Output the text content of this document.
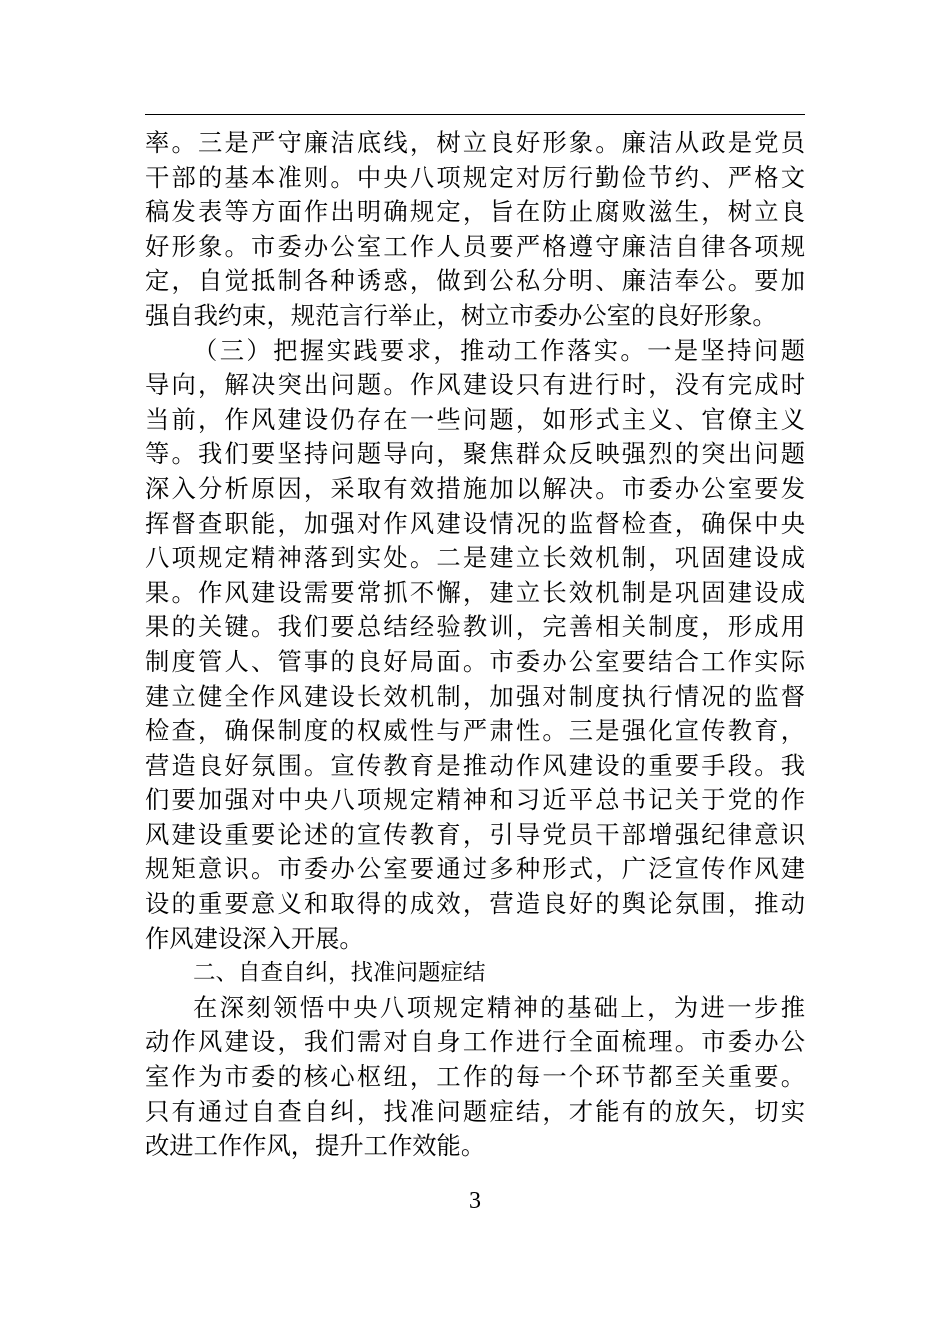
率。三是严守廉洁底线，树立良好形象。廉洁从政是党员
干部的基本准则。中央八项规定对厉行勤俭节约、严格文
稿发表等方面作出明确规定，旨在防止腐败滋生，树立良
好形象。市委办公室工作人员要严格遵守廉洁自律各项规
定，自觉抵制各种诱惑，做到公私分明、廉洁奉公。要加
强自我约束，规范言行举止，树立市委办公室的良好形象。
（三）把握实践要求，推动工作落实。一是坚持问题
导向，解决突出问题。作风建设只有进行时，没有完成时
当前，作风建设仍存在一些问题，如形式主义、官僚主义
等。我们要坚持问题导向，聚焦群众反映强烈的突出问题
深入分析原因，采取有效措施加以解决。市委办公室要发
挥督查职能，加强对作风建设情况的监督检查，确保中央
八项规定精神落到实处。二是建立长效机制，巩固建设成
果。作风建设需要常抓不懈，建立长效机制是巩固建设成
果的关键。我们要总结经验教训，完善相关制度，形成用
制度管人、管事的良好局面。市委办公室要结合工作实际
建立健全作风建设长效机制，加强对制度执行情况的监督
检查，确保制度的权威性与严肃性。三是强化宣传教育，
营造良好氛围。宣传教育是推动作风建设的重要手段。我
们要加强对中央八项规定精神和习近平总书记关于党的作
风建设重要论述的宣传教育，引导党员干部增强纪律意识
规矩意识。市委办公室要通过多种形式，广泛宣传作风建
设的重要意义和取得的成效，营造良好的舆论氛围，推动
作风建设深入开展。
二、自查自纠，找准问题症结
在深刻领悟中央八项规定精神的基础上，为进一步推
动作风建设，我们需对自身工作进行全面梳理。市委办公
室作为市委的核心枢纽，工作的每一个环节都至关重要。
只有通过自查自纠，找准问题症结，才能有的放矢，切实
改进工作作风，提升工作效能。
3
